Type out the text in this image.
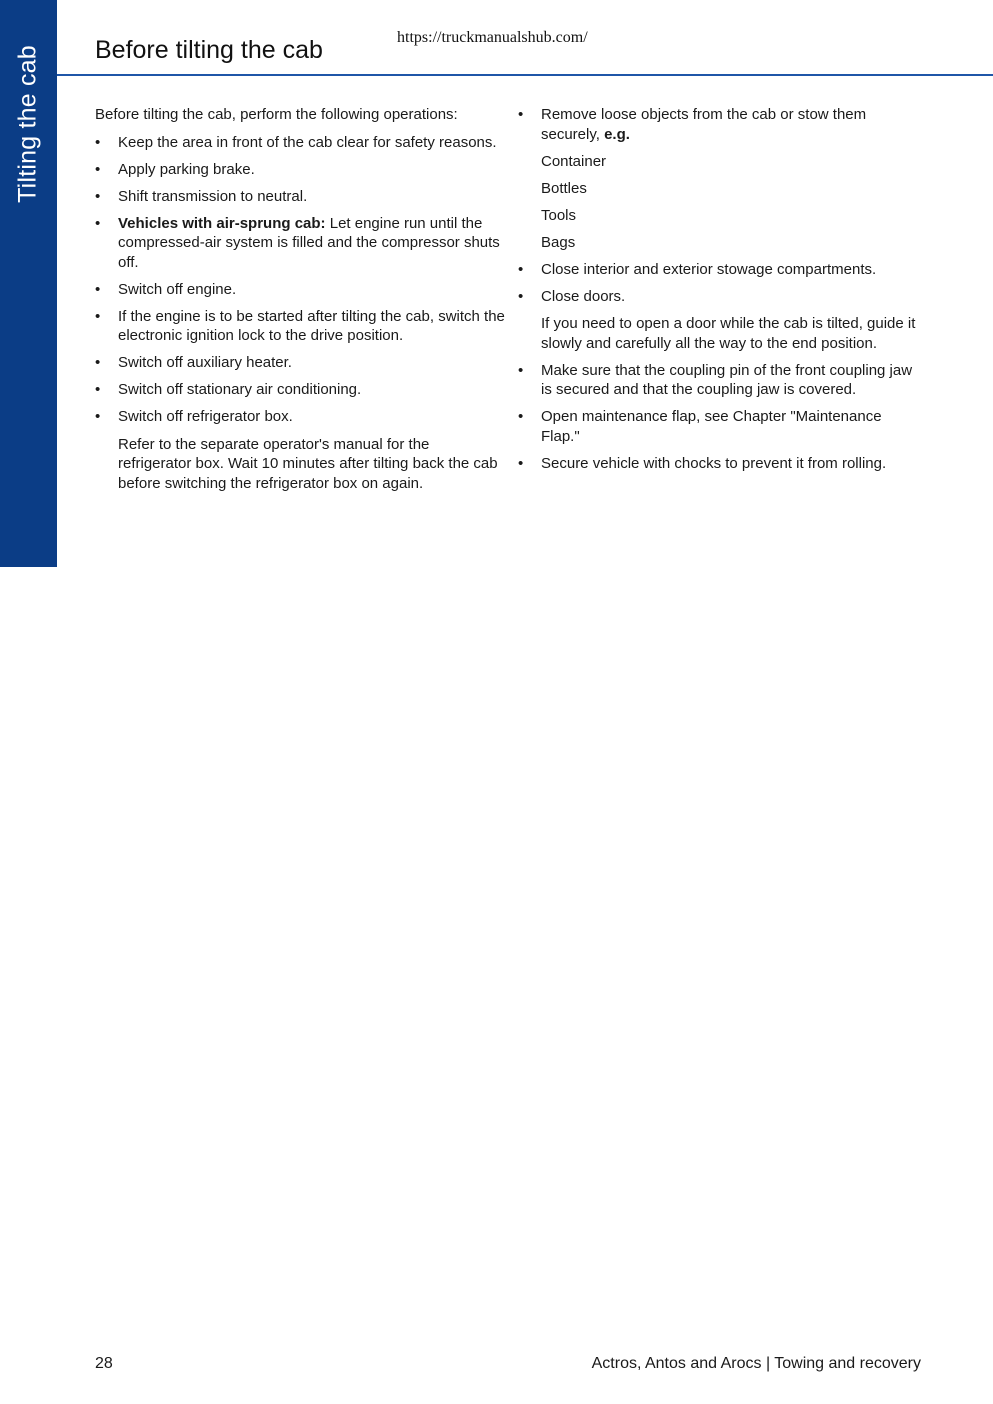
Tilting the cab Before tilting the cab	https://truckmanualshub.com/

Before tilting the cab, perform the following operations:

• Keep the area in front of the cab clear for safety reasons.
• Apply parking brake.
• Shift transmission to neutral.
• Vehicles with air-sprung cab: Let engine run until the compressed-air system is filled and the compressor shuts off.
• Switch off engine.
• If the engine is to be started after tilting the cab, switch the electronic ignition lock to the drive position.
• Switch off auxiliary heater.
• Switch off stationary air conditioning.
• Switch off refrigerator box.

Refer to the separate operator's manual for the refrigerator box. Wait 10 minutes after tilting back the cab before switching the refrigerator box on again.

• Remove loose objects from the cab or stow them securely, e.g.
Container
Bottles
Tools
Bags
• Close interior and exterior stowage compartments.
• Close doors.

If you need to open a door while the cab is tilted, guide it slowly and carefully all the way to the end position.

• Make sure that the coupling pin of the front coupling jaw is secured and that the coupling jaw is covered.
• Open maintenance flap, see Chapter "Maintenance Flap."
• Secure vehicle with chocks to prevent it from rolling.
28	Actros, Antos and Arocs | Towing and recovery
